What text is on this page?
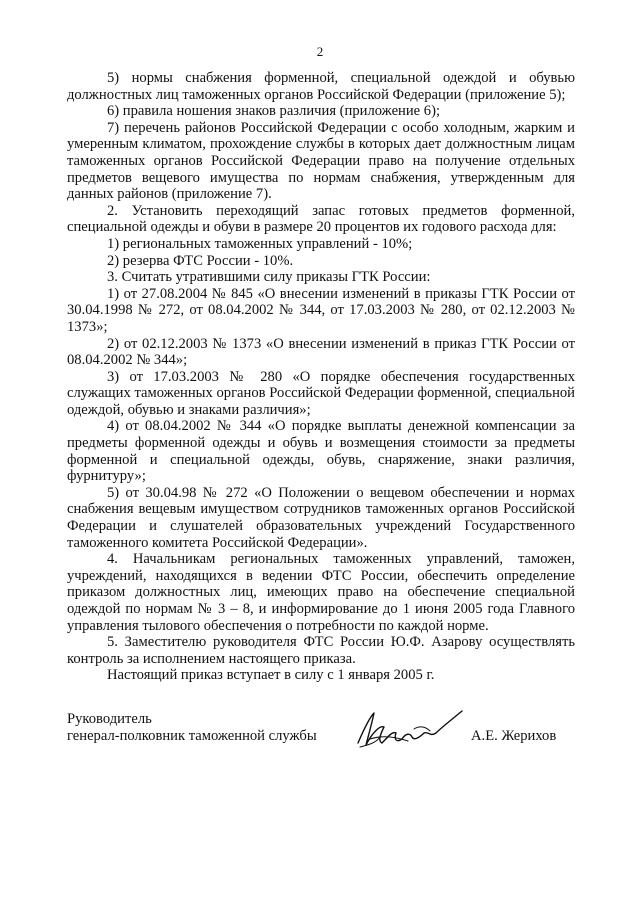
2

5) нормы снабжения форменной, специальной одеждой и обувью должностных лиц таможенных органов Российской Федерации (приложение 5);

6) правила ношения знаков различия (приложение 6);

7) перечень районов Российской Федерации с особо холодным, жарким и умеренным климатом, прохождение службы в которых дает должностным лицам таможенных органов Российской Федерации право на получение отдельных предметов вещевого имущества по нормам снабжения, утвержденным для данных районов (приложение 7).

2. Установить переходящий запас готовых предметов форменной, специальной одежды и обуви в размере 20 процентов их годового расхода для:

1) региональных таможенных управлений - 10%;

2) резерва ФТС России - 10%.

3. Считать утратившими силу приказы ГТК России:

1) от 27.08.2004 № 845 «О внесении изменений в приказы ГТК России от 30.04.1998 № 272, от 08.04.2002 № 344, от 17.03.2003 № 280, от 02.12.2003 № 1373»;

2) от 02.12.2003 № 1373 «О внесении изменений в приказ ГТК России от 08.04.2002 № 344»;

3) от 17.03.2003 № 280 «О порядке обеспечения государственных служащих таможенных органов Российской Федерации форменной, специальной одеждой, обувью и знаками различия»;

4) от 08.04.2002 № 344 «О порядке выплаты денежной компенсации за предметы форменной одежды и обувь и возмещения стоимости за предметы форменной и специальной одежды, обувь, снаряжение, знаки различия, фурнитуру»;

5) от 30.04.98 № 272 «О Положении о вещевом обеспечении и нормах снабжения вещевым имуществом сотрудников таможенных органов Российской Федерации и слушателей образовательных учреждений Государственного таможенного комитета Российской Федерации».

4. Начальникам региональных таможенных управлений, таможен, учреждений, находящихся в ведении ФТС России, обеспечить определение приказом должностных лиц, имеющих право на обеспечение специальной одеждой по нормам № 3 – 8, и информирование до 1 июня 2005 года Главного управления тылового обеспечения о потребности по каждой норме.

5. Заместителю руководителя ФТС России Ю.Ф. Азарову осуществлять контроль за исполнением настоящего приказа.

Настоящий приказ вступает в силу с 1 января 2005 г.

Руководитель
генерал-полковник таможенной службы	А.Е. Жерихов
